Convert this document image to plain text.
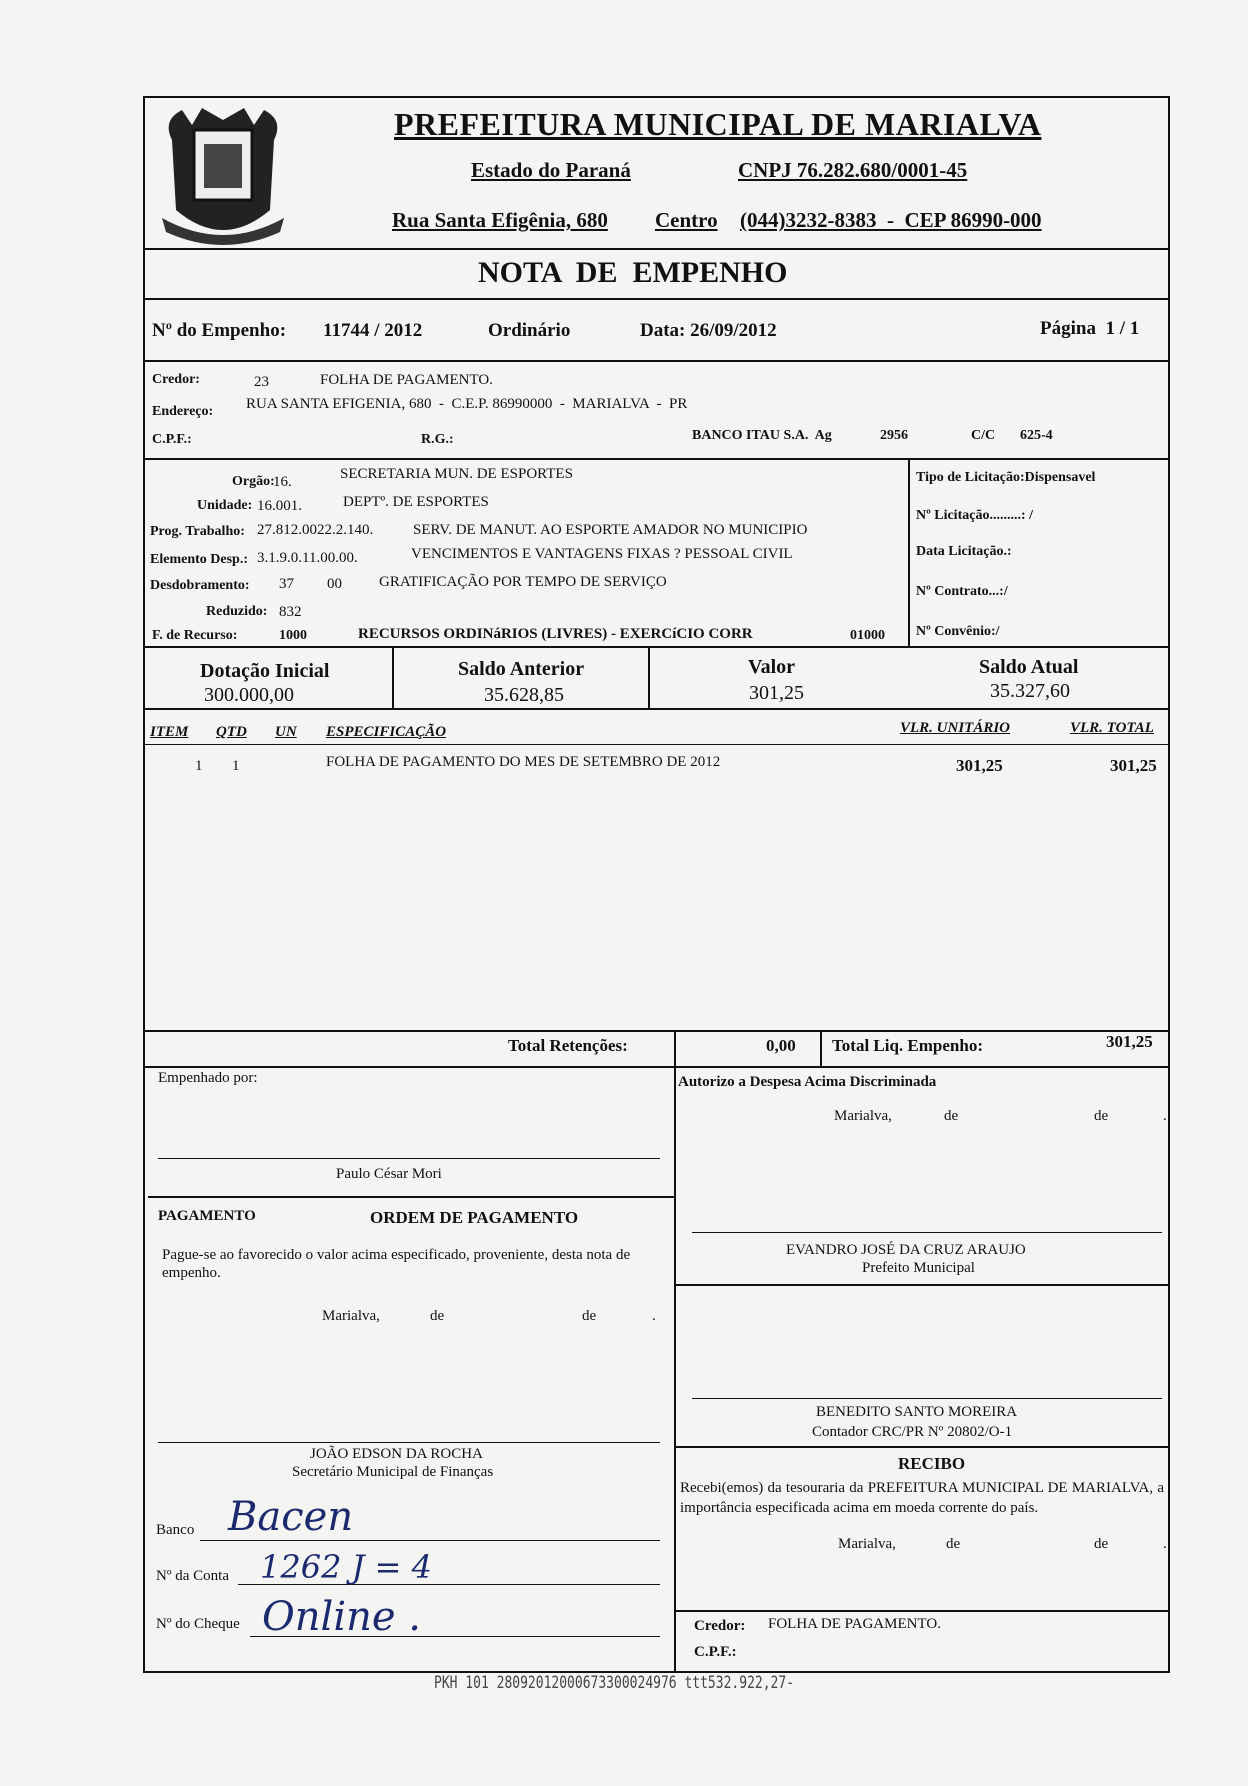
PREFEITURA MUNICIPAL DE MARIALVA
Estado do Paraná	CNPJ 76.282.680/0001-45
Rua Santa Efigênia, 680 Centro (044)3232-8383  -  CEP 86990-000
NOTA  DE  EMPENHO
Nº do Empenho: 11744 / 2012	Ordinário	Data: 26/09/2012	Página  1 / 1
Credor:	23	FOLHA DE PAGAMENTO.
Endereço: RUA SANTA EFIGENIA, 680  -  C.E.P. 86990000  -  MARIALVA  -  PR
C.P.F.:	R.G.:	BANCO ITAU S.A.  Ag	2956	C/C 625-4
Orgão:
16.	SECRETARIA MUN. DE ESPORTES
Unidade: 16.001.	DEPTº. DE ESPORTES
Prog. Trabalho: 27.812.0022.2.140.	SERV. DE MANUT. AO ESPORTE AMADOR NO MUNICIPIO
Elemento Desp.: 3.1.9.0.11.00.00.	VENCIMENTOS E VANTAGENS FIXAS ? PESSOAL CIVIL
Desdobramento: 37 00 GRATIFICAÇÃO POR TEMPO DE SERVIÇO
Reduzido: 832
F. de Recurso:	1000	RECURSOS ORDINáRIOS (LIVRES) - EXERCíCIO CORR	01000
Tipo de Licitação:Dispensavel
Nº Licitação.........: /
Data Licitação.:
Nº Contrato...:/
Nº Convênio:/
Dotação Inicial
300.000,00
Saldo Anterior
35.628,85
Valor
301,25
Saldo Atual
35.327,60
ITEM QTD UN ESPECIFICAÇÃO	VLR. UNITÁRIO	VLR. TOTAL
1 1	FOLHA DE PAGAMENTO DO MES DE SETEMBRO DE 2012	301,25	301,25
Total Retenções:	0,00 Total Liq. Empenho:	301,25
Empenhado por:
Paulo César Mori
PAGAMENTO	ORDEM DE PAGAMENTO
Pague-se ao favorecido o valor acima especificado, proveniente, desta nota de empenho.
Marialva,	de	de	.
JOÃO EDSON DA ROCHA
Secretário Municipal de Finanças
Banco Bacen
Nº da Conta 1262 J = 4
Nº do Cheque Online .
Autorizo a Despesa Acima Discriminada
Marialva,	de	de	.
EVANDRO JOSÉ DA CRUZ ARAUJO
Prefeito Municipal
BENEDITO SANTO MOREIRA
Contador CRC/PR Nº 20802/O-1
RECIBO
Recebi(emos) da tesouraria da PREFEITURA MUNICIPAL DE MARIALVA, a importância especificada acima em moeda corrente do país.
Marialva,	de	de	.
Credor: FOLHA DE PAGAMENTO.
C.P.F.:
PKH 101 28092012000673300024976 ttt532.922,27-
